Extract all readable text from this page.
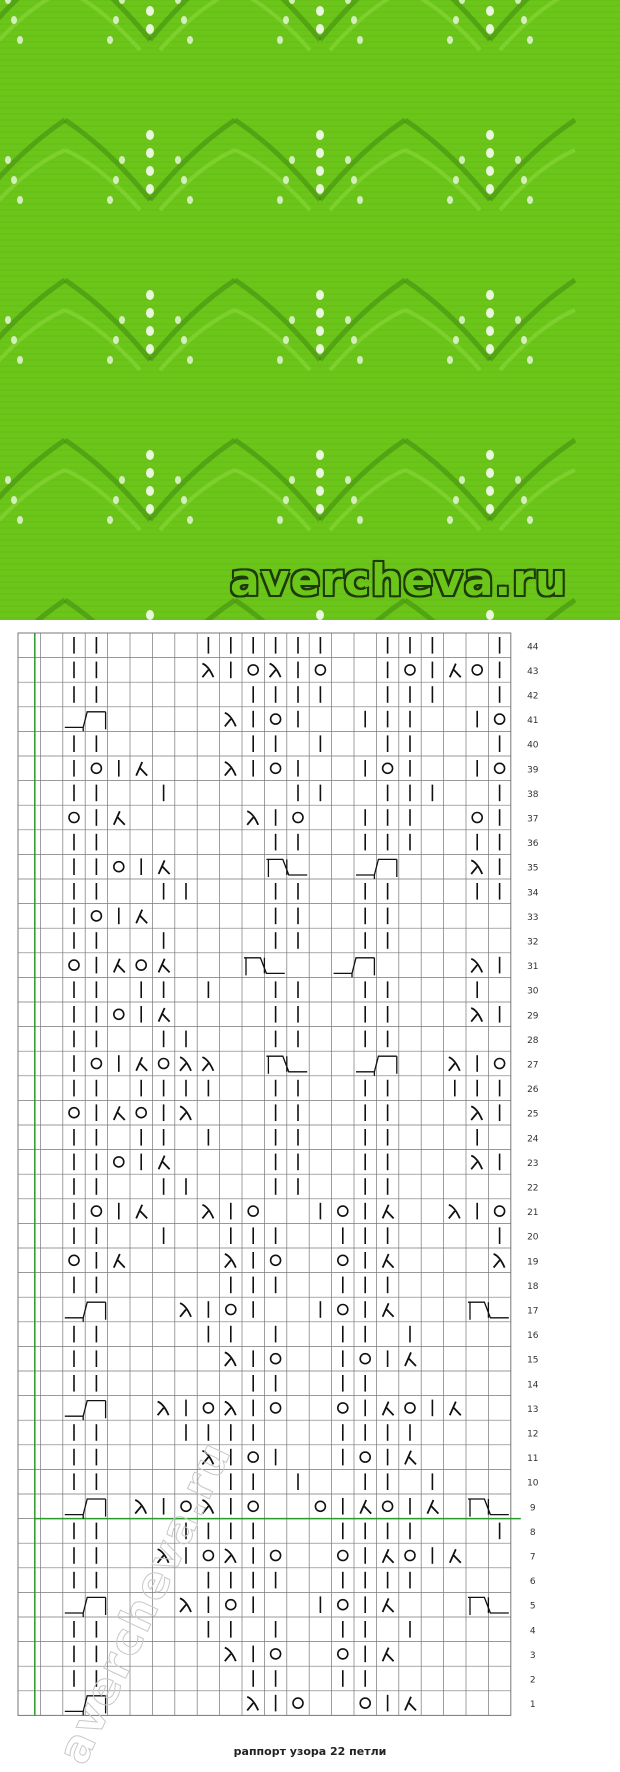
avercheva.ru
44
43
42
41
40
39
38
37
36
35
34
33
32
31
30
29
28
27
26
25
24
23
22
21
20
19
18
17
16
15
14
13
12
11
10
9
8
7
6
5
4
3
2
1
avercheva.ru
раппорт узора 22 петли
